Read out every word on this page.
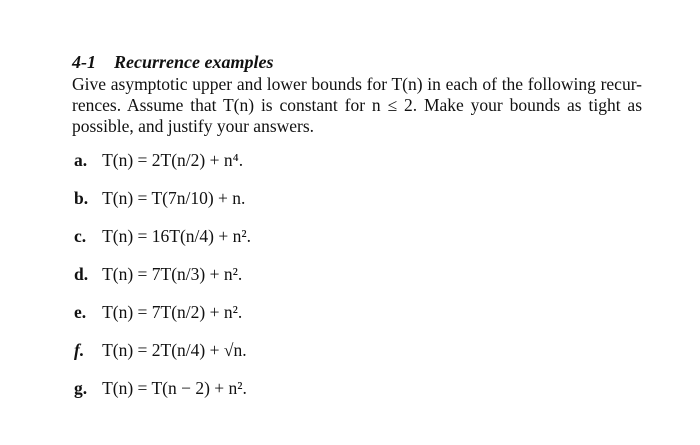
4-1 Recurrence examples

Give asymptotic upper and lower bounds for T(n) in each of the following recur-
rences. Assume that T(n) is constant for n ≤ 2. Make your bounds as tight as
possible, and justify your answers.

a. T(n) = 2T(n/2) + n⁴.
b. T(n) = T(7n/10) + n.
c. T(n) = 16T(n/4) + n².
d. T(n) = 7T(n/3) + n².
e. T(n) = 7T(n/2) + n².
f. T(n) = 2T(n/4) + √n.
g. T(n) = T(n − 2) + n².
